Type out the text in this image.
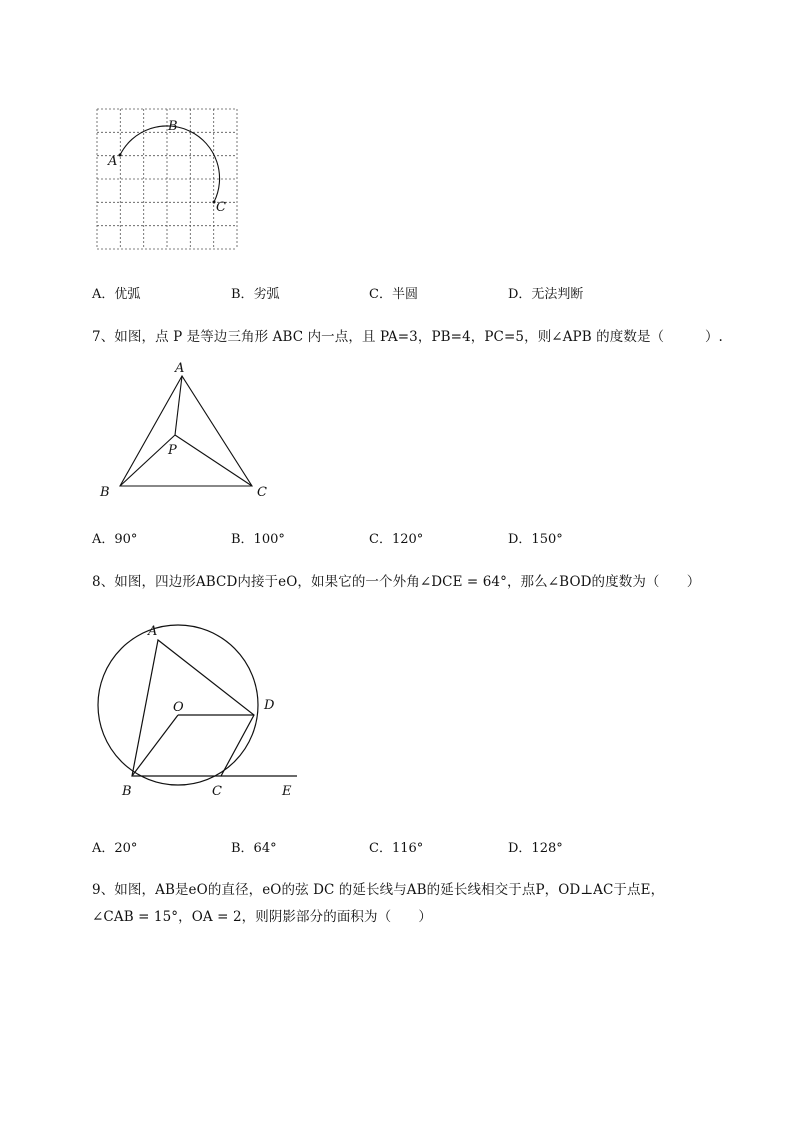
A
B
C
A．优弧	B．劣弧	C．半圆	D．无法判断
7、如图，点 P 是等边三角形 ABC 内一点，且 PA=3，PB=4，PC=5，则∠APB 的度数是（　　　）.
A
P
B	C
A．90°	B．100°	C．120°	D．150°
8、如图，四边形ABCD内接于eO，如果它的一个外角∠DCE = 64°，那么∠BOD的度数为（　　）
A
O	D
B	C	E
A．20°	B．64°	C．116°	D．128°
9、如图，AB是eO的直径，eO的弦 DC 的延长线与AB的延长线相交于点P，OD⊥AC于点E，
∠CAB = 15°，OA = 2，则阴影部分的面积为（　　）
